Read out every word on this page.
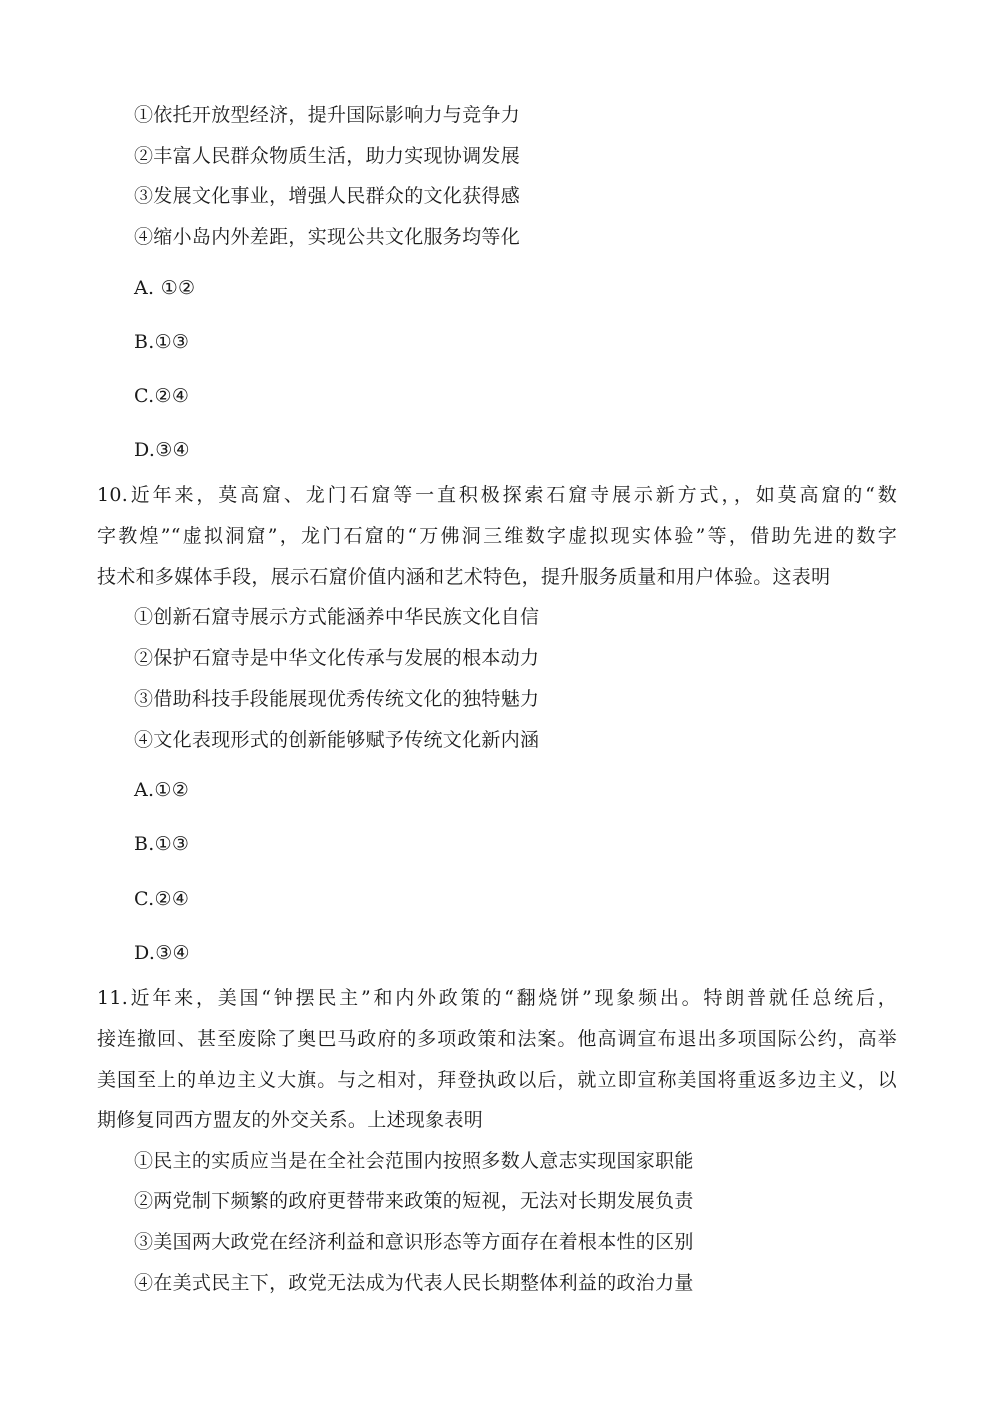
①依托开放型经济，提升国际影响力与竞争力
②丰富人民群众物质生活，助力实现协调发展
③发展文化事业，增强人民群众的文化获得感
④缩小岛内外差距，实现公共文化服务均等化
A. ①②
B.①③
C.②④
D.③④
10.近年来，莫高窟、龙门石窟等一直积极探索石窟寺展示新方式，，如莫高窟的“数
字教煌”“虚拟洞窟”，龙门石窟的“万佛洞三维数字虚拟现实体验”等，借助先进的数字
技术和多媒体手段，展示石窟价值内涵和艺术特色，提升服务质量和用户体验。这表明
①创新石窟寺展示方式能涵养中华民族文化自信
②保护石窟寺是中华文化传承与发展的根本动力
③借助科技手段能展现优秀传统文化的独特魅力
④文化表现形式的创新能够赋予传统文化新内涵
A.①②
B.①③
C.②④
D.③④
11.近年来，美国“钟摆民主”和内外政策的“翻烧饼”现象频出。特朗普就任总统后，
接连撤回、甚至废除了奥巴马政府的多项政策和法案。他高调宣布退出多项国际公约，高举
美国至上的单边主义大旗。与之相对，拜登执政以后，就立即宣称美国将重返多边主义，以
期修复同西方盟友的外交关系。上述现象表明
①民主的实质应当是在全社会范围内按照多数人意志实现国家职能
②两党制下频繁的政府更替带来政策的短视，无法对长期发展负责
③美国两大政党在经济利益和意识形态等方面存在着根本性的区别
④在美式民主下，政党无法成为代表人民长期整体利益的政治力量
